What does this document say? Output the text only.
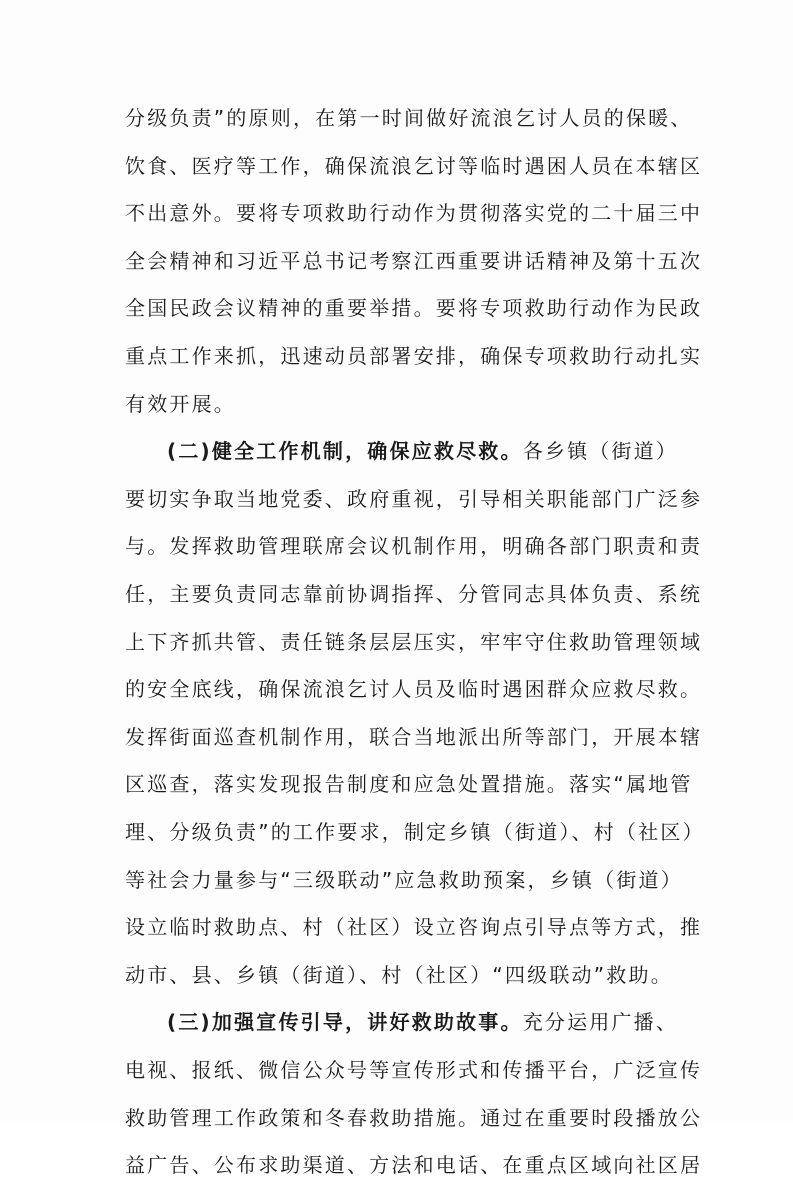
分级负责”的原则，在第一时间做好流浪乞讨人员的保暖、
饮食、医疗等工作，确保流浪乞讨等临时遇困人员在本辖区
不出意外。要将专项救助行动作为贯彻落实党的二十届三中
全会精神和习近平总书记考察江西重要讲话精神及第十五次
全国民政会议精神的重要举措。要将专项救助行动作为民政
重点工作来抓，迅速动员部署安排，确保专项救助行动扎实
有效开展。
(二)健全工作机制，确保应救尽救。各乡镇（街道）
要切实争取当地党委、政府重视，引导相关职能部门广泛参
与。发挥救助管理联席会议机制作用，明确各部门职责和责
任，主要负责同志靠前协调指挥、分管同志具体负责、系统
上下齐抓共管、责任链条层层压实，牢牢守住救助管理领域
的安全底线，确保流浪乞讨人员及临时遇困群众应救尽救。
发挥街面巡查机制作用，联合当地派出所等部门，开展本辖
区巡查，落实发现报告制度和应急处置措施。落实“属地管
理、分级负责”的工作要求，制定乡镇（街道）、村（社区）
等社会力量参与“三级联动”应急救助预案，乡镇（街道）
设立临时救助点、村（社区）设立咨询点引导点等方式，推
动市、县、乡镇（街道）、村（社区）“四级联动”救助。
(三)加强宣传引导，讲好救助故事。充分运用广播、
电视、报纸、微信公众号等宣传形式和传播平台，广泛宣传
救助管理工作政策和冬春救助措施。通过在重要时段播放公
益广告、公布求助渠道、方法和电话、在重点区域向社区居
